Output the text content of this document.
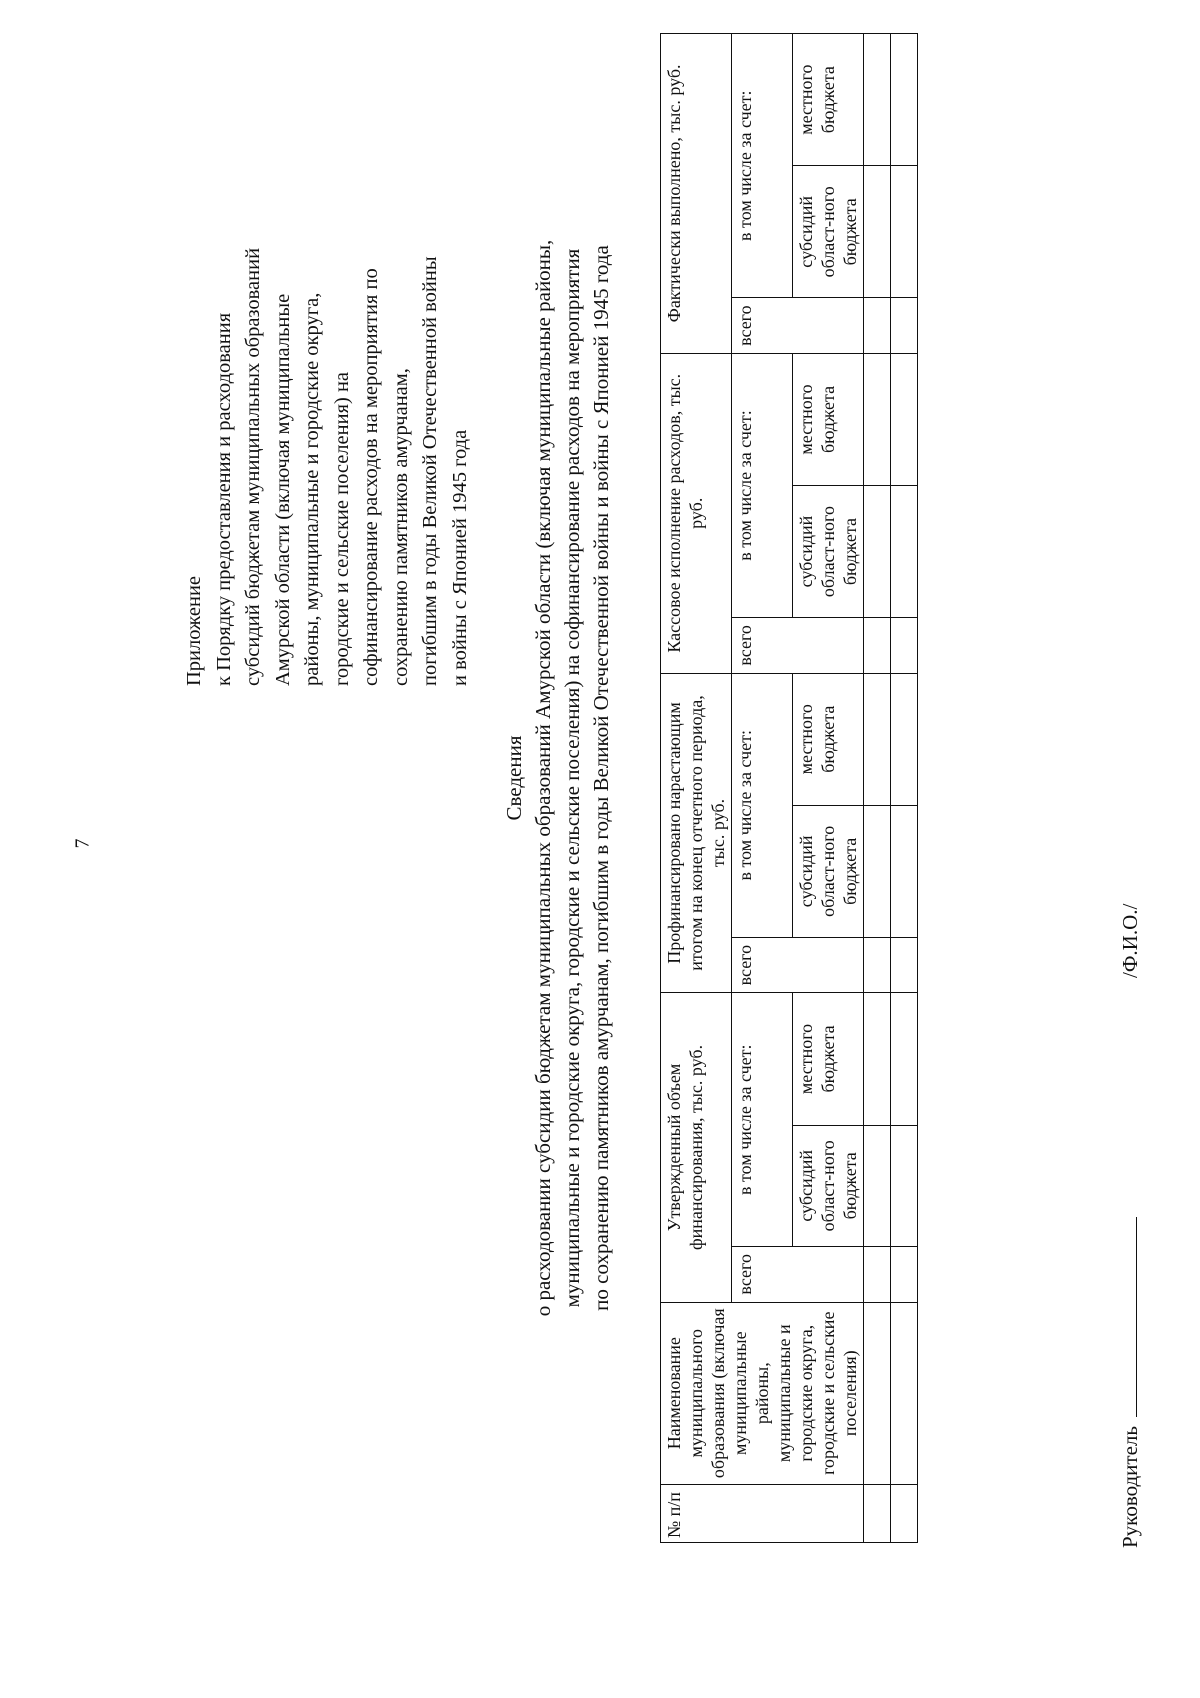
7
Приложение к Порядку предоставления и расходования субсидий бюджетам муниципальных образований Амурской области (включая муниципальные районы, муниципальные и городские округа, городские и сельские поселения) на софинансирование расходов на мероприятия по сохранению памятников амурчанам, погибшим в годы Великой Отечественной войны и войны с Японией 1945 года
Сведения о расходовании субсидии бюджетам муниципальных образований Амурской области (включая муниципальные районы, муниципальные и городские округа, городские и сельские поселения) на софинансирование расходов на мероприятия по сохранению памятников амурчанам, погибшим в годы Великой Отечественной войны и войны с Японией 1945 года
№ п/п	Наименование муниципального образования (включая муниципальные районы, муниципальные и городские округа, городские и сельские поселения)	Утвержденный объем финансирования, тыс. руб.			Профинансировано нарастающим итогом на конец отчетного периода, тыс. руб.			Кассовое исполнение расходов, тыс. руб.			Фактически выполнено, тыс. руб.		
		всего	в том числе за счет:		всего	в том числе за счет:		всего	в том числе за счет:		всего	в том числе за счет:	
			субсидий област-ного бюджета	местного бюджета		субсидий област-ного бюджета	местного бюджета		субсидий област-ного бюджета	местного бюджета		субсидий област-ного бюджета	местного бюджета

Руководитель
/Ф.И.О./
